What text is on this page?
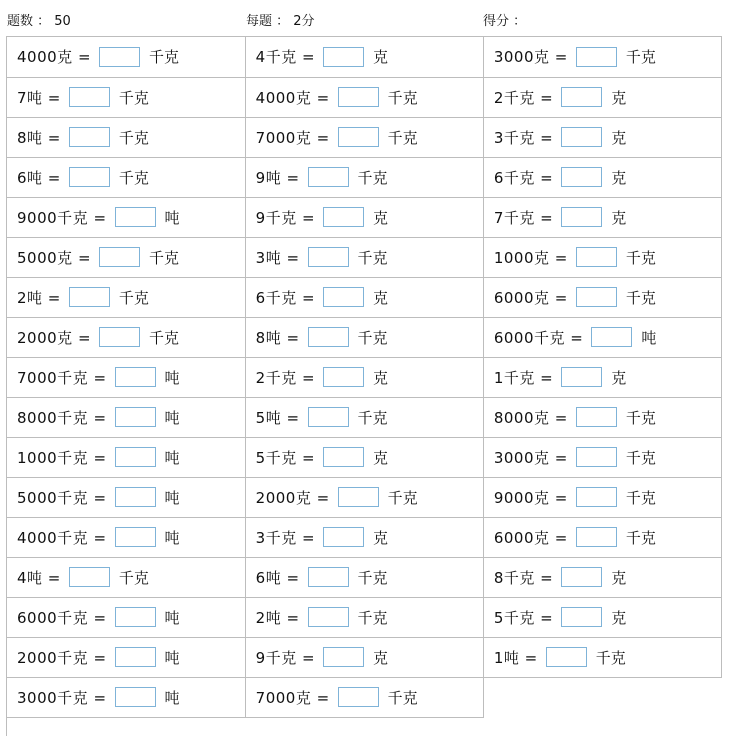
题数 ： 50	每题 ： 2分	得分 ：
4000克 = 千克	4千克 = 克	3000克 = 千克
7吨 = 千克	4000克 = 千克	2千克 = 克
8吨 = 千克	7000克 = 千克	3千克 = 克
6吨 = 千克	9吨 = 千克	6千克 = 克
9000千克 = 吨	9千克 = 克	7千克 = 克
5000克 = 千克	3吨 = 千克	1000克 = 千克
2吨 = 千克	6千克 = 克	6000克 = 千克
2000克 = 千克	8吨 = 千克	6000千克 = 吨
7000千克 = 吨	2千克 = 克	1千克 = 克
8000千克 = 吨	5吨 = 千克	8000克 = 千克
1000千克 = 吨	5千克 = 克	3000克 = 千克
5000千克 = 吨	2000克 = 千克	9000克 = 千克
4000千克 = 吨	3千克 = 克	6000克 = 千克
4吨 = 千克	6吨 = 千克	8千克 = 克
6000千克 = 吨	2吨 = 千克	5千克 = 克
2000千克 = 吨	9千克 = 克	1吨 = 千克
3000千克 = 吨	7000克 = 千克	
